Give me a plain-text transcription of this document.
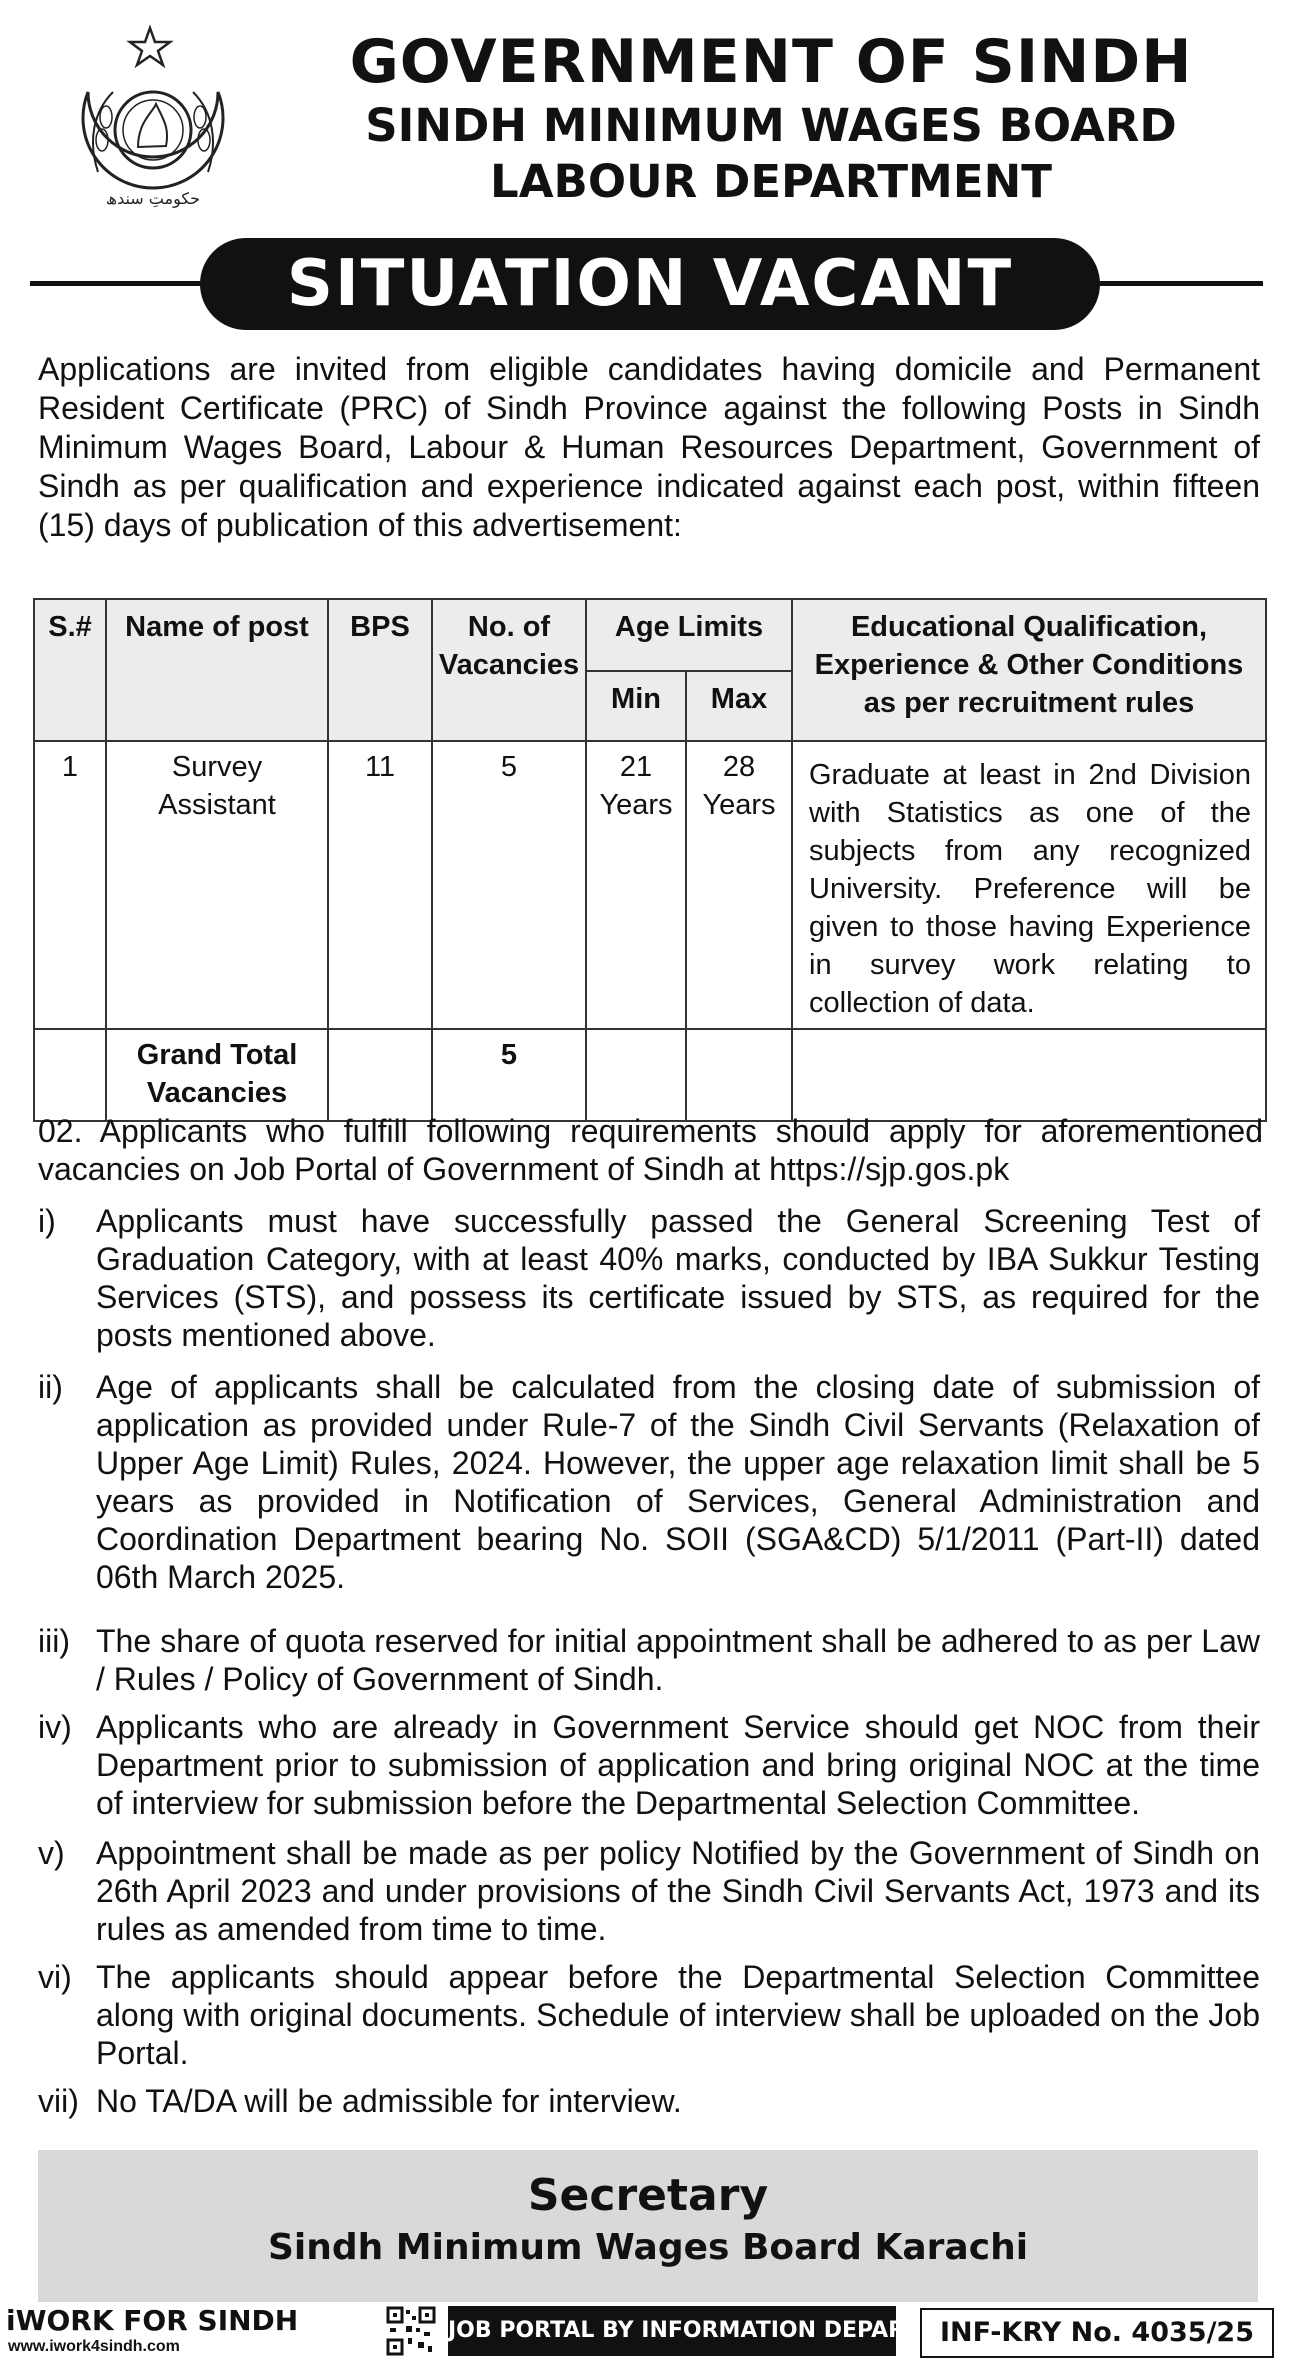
حکومتِ سندھ
GOVERNMENT OF SINDH
SINDH MINIMUM WAGES BOARD
LABOUR DEPARTMENT
SITUATION VACANT
Applications are invited from eligible candidates having domicile and Permanent Resident Certificate (PRC) of Sindh Province against the following Posts in Sindh Minimum Wages Board, Labour & Human Resources Department, Government of Sindh as per qualification and experience indicated against each post, within fifteen (15) days of publication of this advertisement:
S.#	Name of post	BPS	No. of Vacancies	Age Limits		Educational Qualification, Experience & Other Conditions as per recruitment rules
				Min	Max	
1	Survey Assistant	11	5	21 Years	28 Years	Graduate at least in 2nd Division with Statistics as one of the subjects from any recognized University. Preference will be given to those having Experience in survey work relating to collection of data.
	Grand Total Vacancies		5			
02. Applicants who fulfill following requirements should apply for aforementioned vacancies on Job Portal of Government of Sindh at https://sjp.gos.pk
i)	Applicants must have successfully passed the General Screening Test of Graduation Category, with at least 40% marks, conducted by IBA Sukkur Testing Services (STS), and possess its certificate issued by STS, as required for the posts mentioned above.
ii)	Age of applicants shall be calculated from the closing date of submission of application as provided under Rule-7 of the Sindh Civil Servants (Relaxation of Upper Age Limit) Rules, 2024. However, the upper age relaxation limit shall be 5 years as provided in Notification of Services, General Administration and Coordination Department bearing No. SOII (SGA&CD) 5/1/2011 (Part-II) dated 06th March 2025.
iii) The share of quota reserved for initial appointment shall be adhered to as per Law / Rules / Policy of Government of Sindh.
iv) Applicants who are already in Government Service should get NOC from their Department prior to submission of application and bring original NOC at the time of interview for submission before the Departmental Selection Committee.
v) Appointment shall be made as per policy Notified by the Government of Sindh on 26th April 2023 and under provisions of the Sindh Civil Servants Act, 1973 and its rules as amended from time to time.
vi) The applicants should appear before the Departmental Selection Committee along with original documents. Schedule of interview shall be uploaded on the Job Portal.
vii) No TA/DA will be admissible for interview.
Secretary
Sindh Minimum Wages Board Karachi
iWORK FOR SINDH
www.iwork4sindh.com
JOB PORTAL BY INFORMATION DEPARTMENT
INF-KRY No. 4035/25
